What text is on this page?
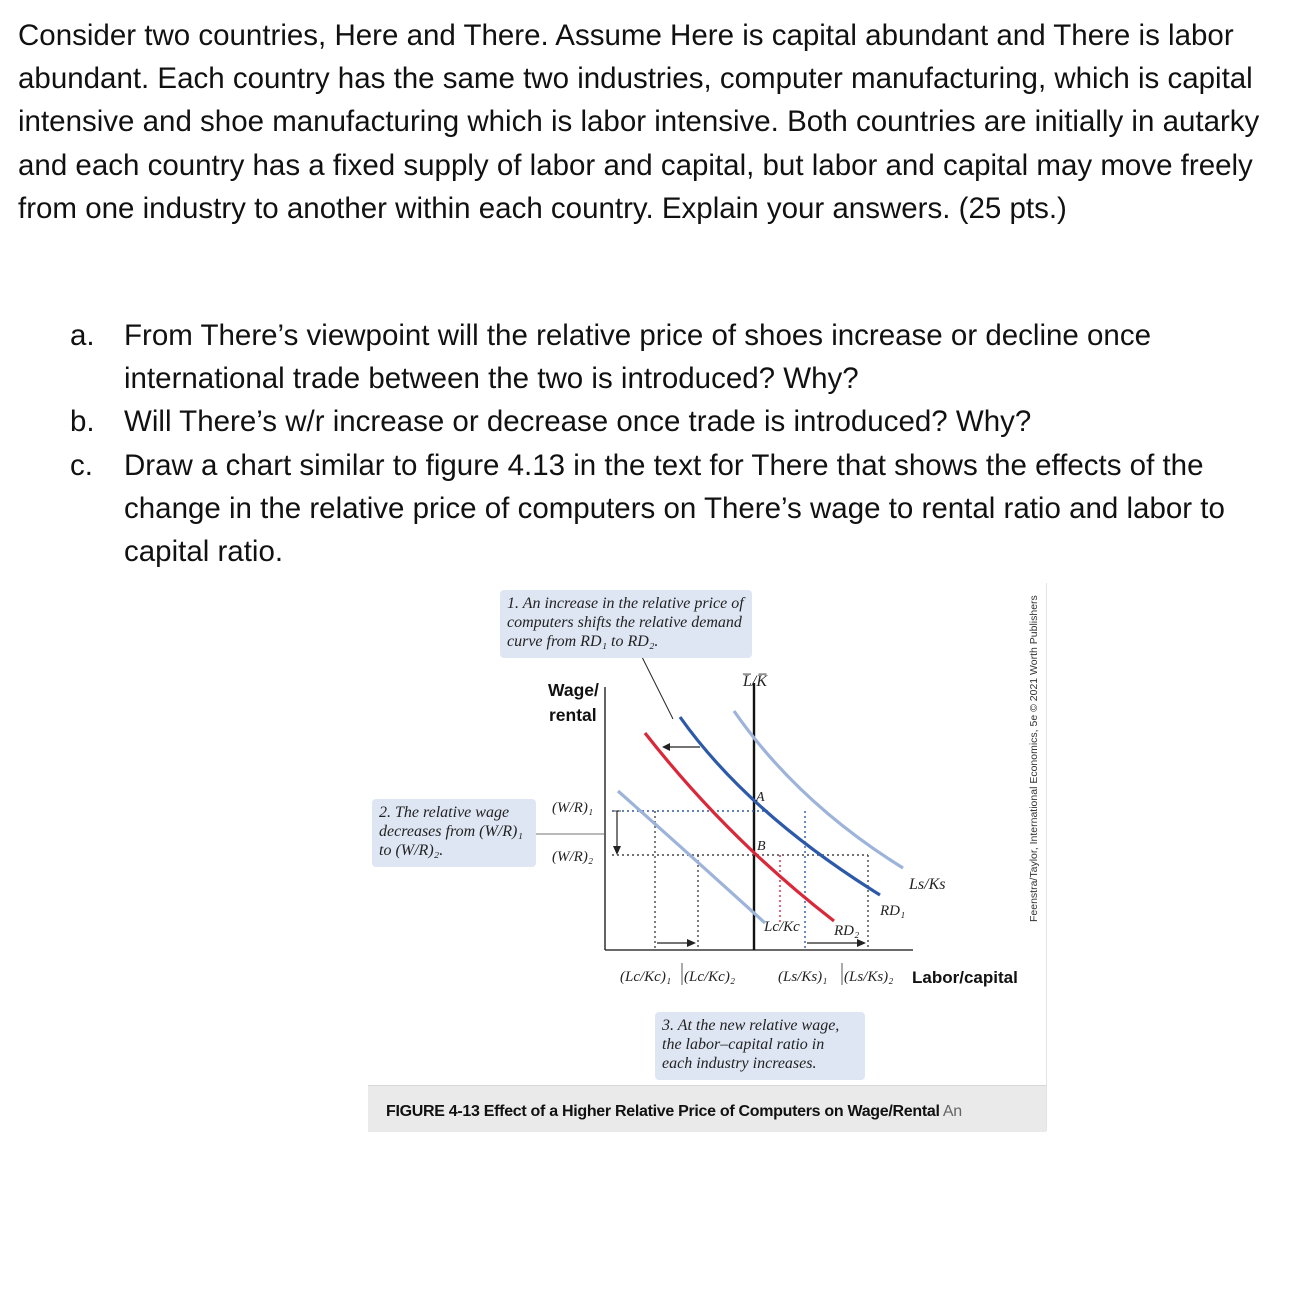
Consider two countries, Here and There. Assume Here is capital abundant and There is labor abundant. Each country has the same two industries, computer manufacturing, which is capital intensive and shoe manufacturing which is labor intensive. Both countries are initially in autarky and each country has a fixed supply of labor and capital, but labor and capital may move freely from one industry to another within each country. Explain your answers. (25 pts.)

a. From There’s viewpoint will the relative price of shoes increase or decline once international trade between the two is introduced? Why?
b. Will There’s w/r increase or decrease once trade is introduced? Why?
c.	Draw a chart similar to figure 4.13 in the text for There that shows the effects of the change in the relative price of computers on There’s wage to rental ratio and labor to capital ratio.
Wage/
rental
L̅/K̅
(W/R)₁
(W/R)₂
A
B
Ls/Ks
RD₁
Lc/Kc RD₂
(Lc/Kc)₁ (Lc/Kc)₂	(Ls/Ks)₁ (Ls/Ks)₂ Labor/capital
1. An increase in the relative price of computers shifts the relative demand curve from RD₁ to RD₂.
2. The relative wage decreases from (W/R)₁ to (W/R)₂.
3. At the new relative wage, the labor–capital ratio in each industry increases.
FIGURE 4-13 Effect of a Higher Relative Price of Computers on Wage/Rental An
Feenstra/Taylor, International Economics, 5e © 2021 Worth Publishers
